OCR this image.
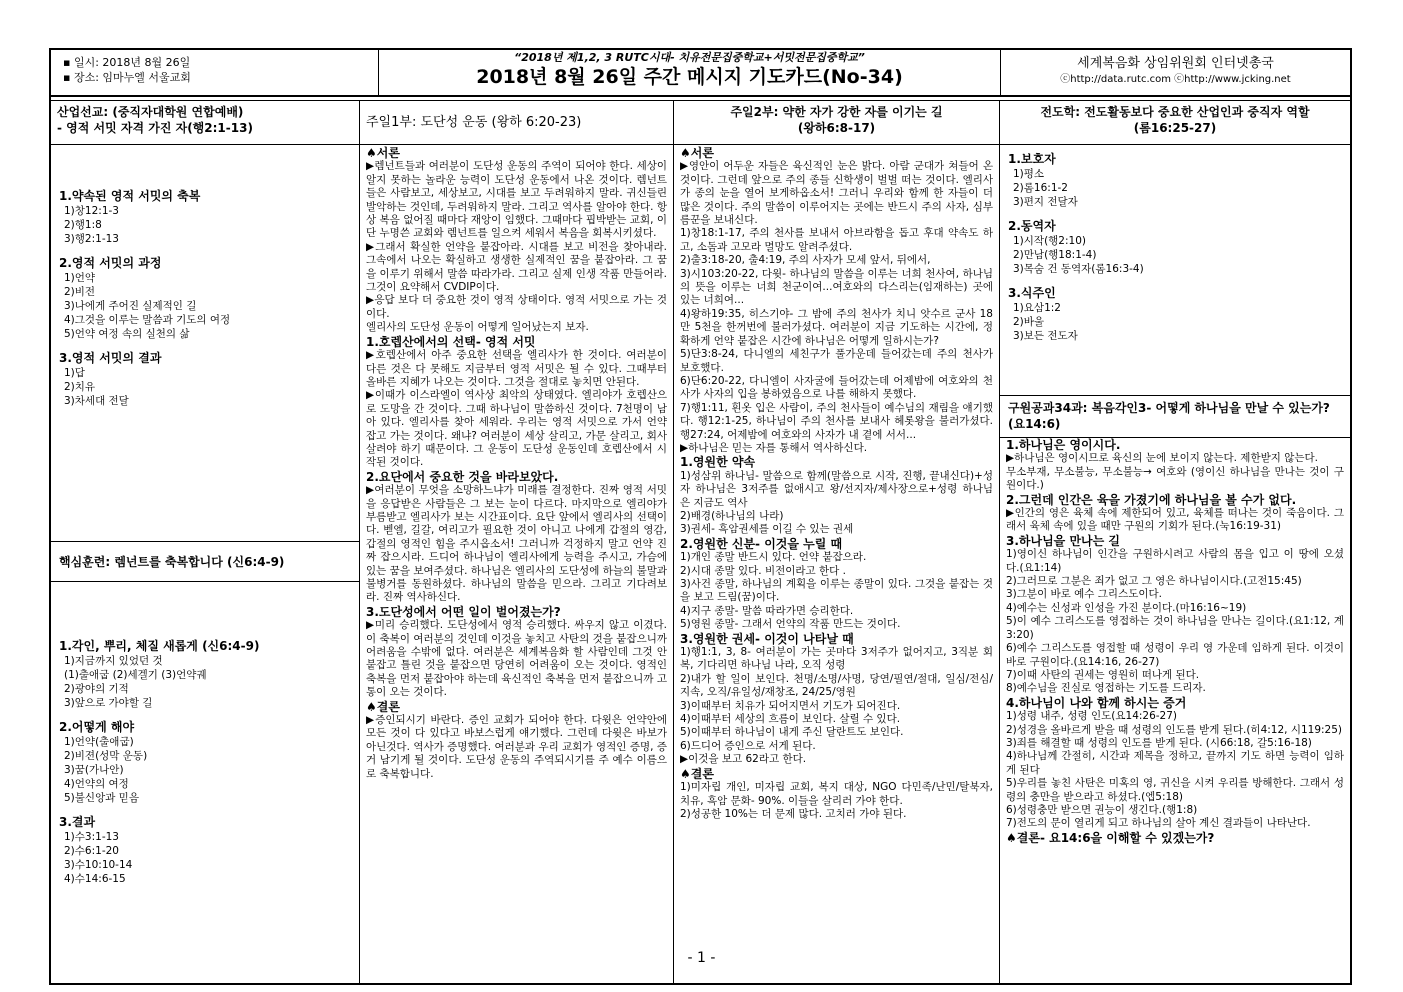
▪ 일시: 2018년 8월 26일
▪ 장소: 임마누엘 서울교회
“2018년 제1,2, 3 RUTC시대- 치유전문집중학교+서밋전문집중학교”
2018년 8월 26일 주간 메시지 기도카드(No-34)
세계복음화 상임위원회 인터넷총국
ⓒhttp://data.rutc.com ⓒhttp://www.jcking.net
산업선교: (중직자대학원 연합예배)
- 영적 서밋 자격 가진 자(행2:1-13)
1.약속된 영적 서밋의 축복
1)창12:1-3
2)행1:8
3)행2:1-13
2.영적 서밋의 과정
1)언약
2)비전
3)나에게 주어진 실제적인 길
4)그것을 이루는 말씀과 기도의 여정
5)언약 여정 속의 실천의 삶
3.영적 서밋의 결과
1)답
2)치유
3)차세대 전달
핵심훈련: 렘넌트를 축복합니다 (신6:4-9)
1.각인, 뿌리, 체질 새롭게 (신6:4-9)
1)지금까지 있었던 것
(1)출애굽 (2)세겔기 (3)언약궤
2)광야의 기적
3)앞으로 가야할 길
2.어떻게 해야
1)언약(출애굽)
2)비젼(성막 운동)
3)꿈(가나안)
4)언약의 여정
5)불신앙과 믿음
3.결과
1)수3:1-13
2)수6:1-20
3)수10:10-14
4)수14:6-15
주일1부: 도단성 운동 (왕하 6:20-23)
♠서론

▶렘넌트들과 여러분이 도단성 운동의 주역이 되어야 한다. 세상이 알지 못하는 놀라운 능력이 도단성 운동에서 나온 것이다. 렘넌트들은 사람보고, 세상보고, 시대를 보고 두려워하지 말라. 귀신들린 발악하는 것인데, 두려워하지 말라. 그리고 역사를 알아야 한다. 항상 복음 없어질 때마다 재앙이 임했다. 그때마다 핍박받는 교회, 이단 누명쓴 교회와 렘넌트를 일으켜 세워서 복음을 회복시키셨다.

▶그래서 확실한 언약을 붙잡아라. 시대를 보고 비전을 찾아내라. 그속에서 나오는 확실하고 생생한 실제적인 꿈을 붙잡아라. 그 꿈을 이루기 위해서 말씀 따라가라. 그리고 실제 인생 작품 만들어라. 그것이 요약해서 CVDIP이다.

▶응답 보다 더 중요한 것이 영적 상태이다. 영적 서밋으로 가는 것이다.

엘리사의 도단성 운동이 어떻게 일어났는지 보자.

1.호렙산에서의 선택- 영적 서밋

▶호렙산에서 아주 중요한 선택을 엘리사가 한 것이다. 여러분이 다른 것은 다 못해도 지금부터 영적 서밋은 될 수 있다. 그때부터 올바른 지혜가 나오는 것이다. 그것을 절대로 놓치면 안된다.

▶이때가 이스라엘이 역사상 최악의 상태였다. 엘리야가 호렙산으로 도망을 간 것이다. 그때 하나님이 말씀하신 것이다. 7천명이 남아 있다. 엘리사를 찾아 세워라. 우리는 영적 서밋으로 가서 언약 잡고 가는 것이다. 왜냐? 여러분이 세상 살리고, 가문 살리고, 회사 살려야 하기 때문이다. 그 운동이 도단성 운동인데 호렙산에서 시작된 것이다.

2.요단에서 중요한 것을 바라보았다.

▶여러분이 무엇을 소망하느냐가 미래를 결정한다. 진짜 영적 서밋을 응답받은 사람들은 그 보는 눈이 다르다. 마지막으로 엘리야가 부름받고 엘리사가 보는 시간표이다. 요단 앞에서 엘리사의 선택이다. 벧엘, 길갈, 여리고가 필요한 것이 아니고 나에게 갑절의 영감, 갑절의 영적인 힘을 주시옵소서! 그러니까 걱정하지 말고 언약 진짜 잡으시라. 드디어 하나님이 엘리사에게 능력을 주시고, 가슴에 있는 꿈을 보여주셨다. 하나님은 엘리사의 도단성에 하늘의 불말과 불병거를 동원하셨다. 하나님의 말씀을 믿으라. 그리고 기다려보라. 진짜 역사하신다.

3.도단성에서 어떤 일이 벌어졌는가?

▶미리 승리했다. 도단성에서 영적 승리했다. 싸우지 않고 이겼다. 이 축복이 여러분의 것인데 이것을 놓치고 사탄의 것을 붙잡으니까 어려움을 수밖에 없다. 여러분은 세계복음화 할 사람인데 그것 안 붙잡고 틀린 것을 붙잡으면 당연히 어려움이 오는 것이다. 영적인 축복을 먼저 붙잡아야 하는데 육신적인 축복을 먼저 붙잡으니까 고통이 오는 것이다.

♠결론

▶증인되시기 바란다. 증인 교회가 되어야 한다. 다윗은 언약안에 모든 것이 다 있다고 바보스럽게 얘기했다. 그런데 다윗은 바보가 아닌것다. 역사가 증명했다. 여러분과 우리 교회가 영적인 증명, 증거 남기게 될 것이다. 도단성 운동의 주역되시기를 주 예수 이름으로 축복합니다.

주일2부: 약한 자가 강한 자를 이기는 길
(왕하6:8-17)
♠서론

▶영안이 어두운 자들은 육신적인 눈은 밝다. 아람 군대가 쳐들어 온 것이다. 그런데 앞으로 주의 종들 신학생이 벌벌 떠는 것이다. 엘리사가 종의 눈을 열어 보게하옵소서! 그러니 우리와 함께 한 자들이 더 많은 것이다. 주의 말씀이 이루어지는 곳에는 반드시 주의 사자, 심부름꾼을 보내신다.

1)창18:1-17, 주의 천사를 보내서 아브라함을 돕고 후대 약속도 하고, 소돔과 고모라 멸망도 알려주셨다.

2)출3:18-20, 출4:19, 주의 사자가 모세 앞서, 뒤에서,

3)시103:20-22, 다윗- 하나님의 말씀을 이루는 너희 천사여, 하나님의 뜻을 이루는 너희 천군이여...여호와의 다스리는(임재하는) 곳에 있는 너희여...

4)왕하19:35, 히스기야- 그 밤에 주의 천사가 치니 앗수르 군사 18만 5천을 한꺼번에 불러가셨다. 여러분이 지금 기도하는 시간에, 정확하게 언약 붙잡은 시간에 하나님은 어떻게 일하시는가?

5)단3:8-24, 다니엘의 세친구가 풀가운데 들어갔는데 주의 천사가 보호했다.

6)단6:20-22, 다니엘이 사자굴에 들어갔는데 어제밤에 여호와의 천사가 사자의 입을 봉하였음으로 나를 해하지 못했다.

7)행1:11, 흰옷 입은 사람이, 주의 천사들이 예수님의 재림을 얘기했다. 행12:1-25, 하나님이 주의 천사를 보내사 헤롯왕을 불러가셨다. 행27:24, 어제밤에 여호와의 사자가 내 곁에 서서...

▶하나님은 믿는 자를 통해서 역사하신다.

1.영원한 약속

1)성삼위 하나님- 말씀으로 함께(말씀으로 시작, 진행, 끝내신다)+성자 하나님은 3저주를 없애시고 왕/선지자/제사장으로+성령 하나님은 지금도 역사

2)배경(하나님의 나라)

3)권세- 흑암권세를 이길 수 있는 권세

2.영원한 신분- 이것을 누릴 때

1)개인 종말 반드시 있다. 언약 붙잡으라.

2)시대 종말 있다. 비전이라고 한다 .

3)사건 종말, 하나님의 계획을 이루는 종말이 있다. 그것을 붙잡는 것을 보고 드림(꿈)이다.

4)지구 종말- 말씀 따라가면 승리한다.

5)영원 종말- 그래서 언약의 작품 만드는 것이다.

3.영원한 권세- 이것이 나타날 때

1)행1:1, 3, 8- 여러분이 가는 곳마다 3저주가 없어지고, 3직분 회복, 기다리면 하나님 나라, 오직 성령

2)내가 할 일이 보인다. 천명/소명/사명, 당연/필연/절대, 일심/전심/지속, 오직/유일성/재창조, 24/25/영원

3)이때부터 치유가 되어지면서 기도가 되어진다.

4)이때부터 세상의 흐름이 보인다. 살릴 수 있다.

5)이때부터 하나님이 내게 주신 달란트도 보인다.

6)드디어 증인으로 서게 된다.

▶이것을 보고 62라고 한다.

♠결론

1)미자립 개인, 미자립 교회, 복지 대상, NGO 다민족/난민/탈북자, 치유, 흑암 문화- 90%. 이들을 살리러 가야 한다.

2)성공한 10%는 더 문제 많다. 고치러 가야 된다.

전도학: 전도활동보다 중요한 산업인과 중직자 역할
(롬16:25-27)
1.보호자
1)평소
2)롬16:1-2
3)편지 전달자
2.동역자
1)시작(행2:10)
2)만남(행18:1-4)
3)목숨 건 동역자(롬16:3-4)
3.식주인
1)요삼1:2
2)바울
3)보든 전도자
구원공과34과: 복음각인3- 어떻게 하나님을 만날 수 있는가? (요14:6)
1.하나님은 영이시다.

▶하나님은 영이시므로 육신의 눈에 보이지 않는다. 제한받지 않는다.

무소부재, 무소불능, 무소불능→ 여호와 (영이신 하나님을 만나는 것이 구원이다.)

2.그런데 인간은 육을 가졌기에 하나님을 볼 수가 없다.

▶인간의 영은 육체 속에 제한되어 있고, 육체를 떠나는 것이 죽음이다. 그래서 육체 속에 있을 때만 구원의 기회가 된다.(눅16:19-31)

3.하나님을 만나는 길

1)영이신 하나님이 인간을 구원하시려고 사람의 몸을 입고 이 땅에 오셨다.(요1:14)

2)그러므로 그분은 죄가 없고 그 영은 하나님이시다.(고전15:45)

3)그분이 바로 예수 그리스도이다.

4)예수는 신성과 인성을 가진 분이다.(마16:16~19)

5)이 예수 그리스도를 영접하는 것이 하나님을 만나는 길이다.(요1:12, 계3:20)

6)예수 그리스도를 영접할 때 성령이 우리 영 가운데 임하게 된다. 이것이 바로 구원이다.(요14:16, 26-27)

7)이때 사탄의 권세는 영원히 떠나게 된다.

8)예수님을 진실로 영접하는 기도를 드리자.

4.하나님이 나와 함께 하시는 증거

1)성령 내주, 성령 인도(요14:26-27)

2)성경을 올바르게 받을 때 성령의 인도를 받게 된다.(히4:12, 시119:25)

3)죄를 해결할 때 성령의 인도를 받게 된다. (시66:18, 갈5:16-18)

4)하나님께 간절히, 시간과 제목을 정하고, 끝까지 기도 하면 능력이 임하게 된다

5)우리를 놓친 사탄은 미혹의 영, 귀신을 시켜 우리를 방해한다. 그래서 성령의 충만을 받으라고 하셨다.(엡5:18)

6)성령충만 받으면 권능이 생긴다.(행1:8)

7)전도의 문이 열리게 되고 하나님의 살아 계신 결과들이 나타난다.

♠결론- 요14:6을 이해할 수 있겠는가?
- 1 -
